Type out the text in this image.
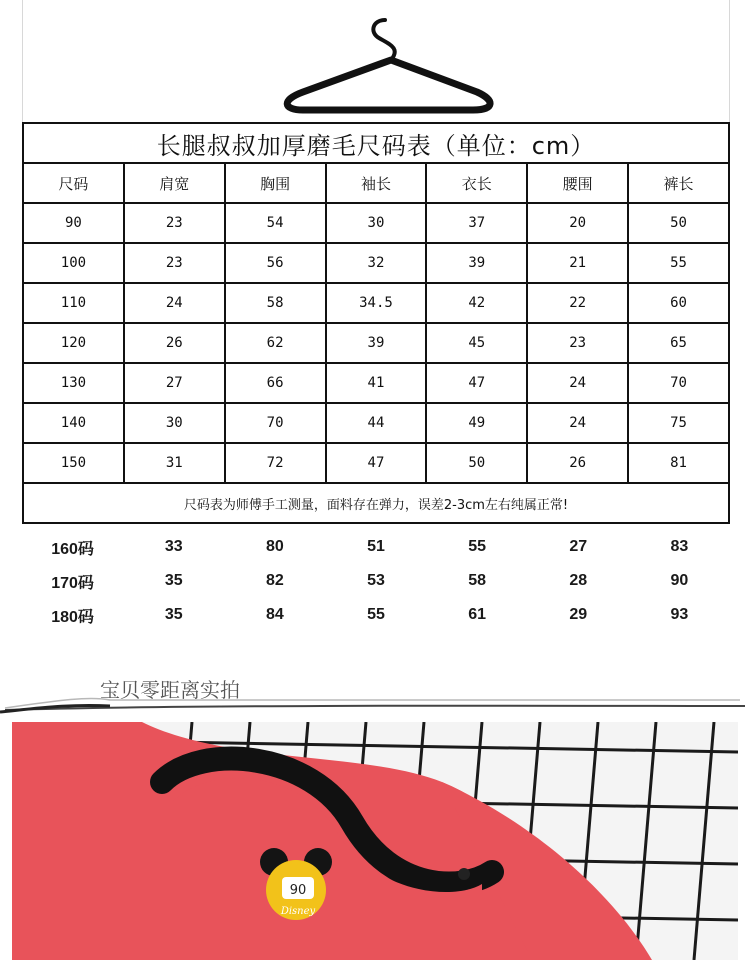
长腿叔叔加厚磨毛尺码表（单位：cm）						
尺码	肩宽	胸围	袖长	衣长	腰围	裤长
90	23	54	30	37	20	50
100	23	56	32	39	21	55
110	24	58	34.5	42	22	60
120	26	62	39	45	23	65
130	27	66	41	47	24	70
140	30	70	44	49	24	75
150	31	72	47	50	26	81
尺码表为师傅手工测量，面料存在弹力，误差2-3cm左右纯属正常!						
160码	33	80	51	55	27	83
170码	35	82	53	58	28	90
180码	35	84	55	61	29	93
宝贝零距离实拍
90
Disney
